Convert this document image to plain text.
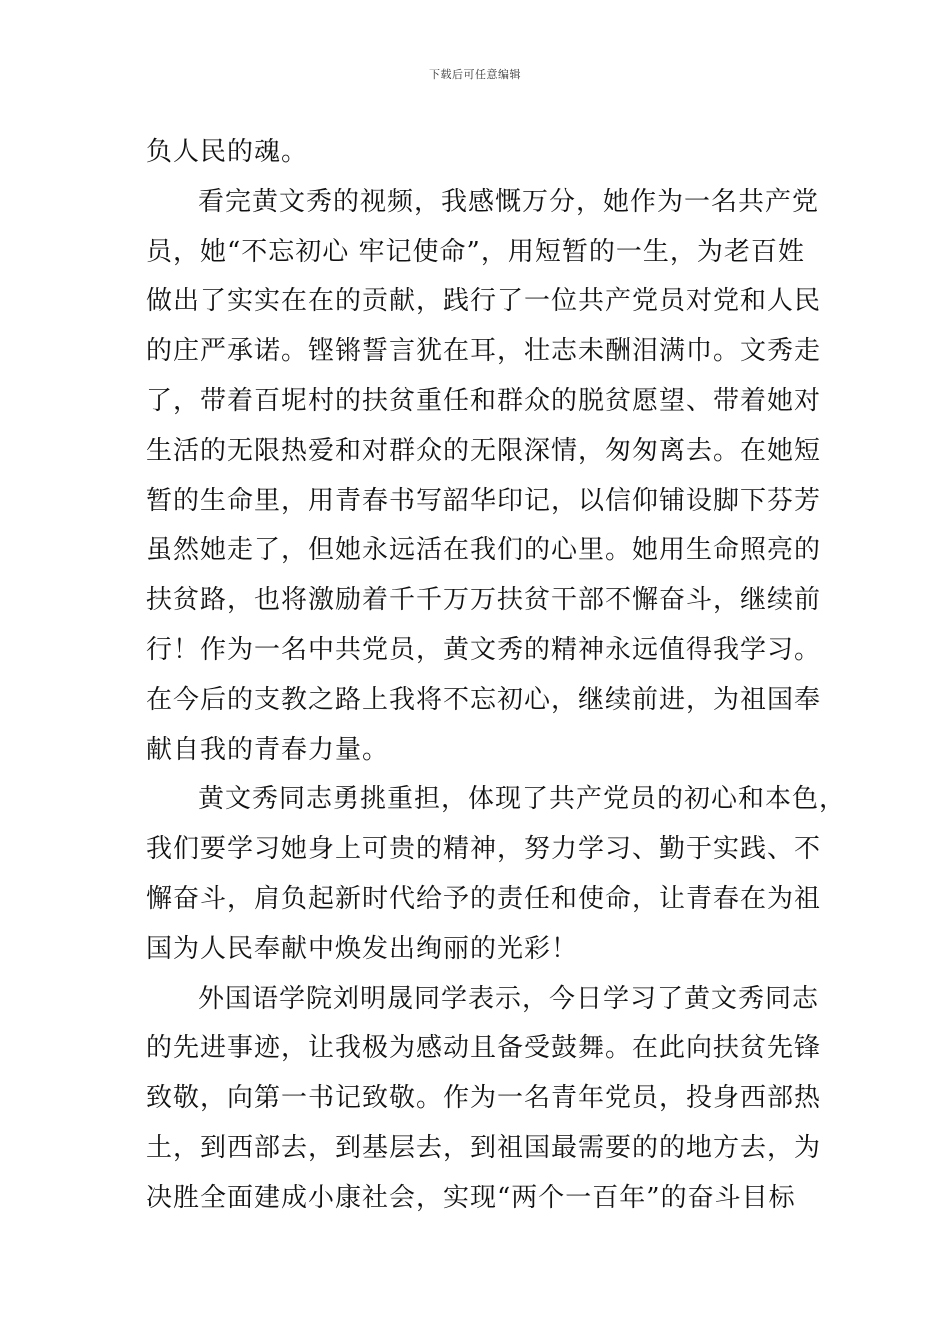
下载后可任意编辑
负人民的魂。
看完黄文秀的视频，我感慨万分，她作为一名共产党
员，她“不忘初心 牢记使命”，用短暂的一生，为老百姓
做出了实实在在的贡献，践行了一位共产党员对党和人民
的庄严承诺。铿锵誓言犹在耳，壮志未酬泪满巾。文秀走
了，带着百坭村的扶贫重任和群众的脱贫愿望、带着她对
生活的无限热爱和对群众的无限深情，匆匆离去。在她短
暂的生命里，用青春书写韶华印记，以信仰铺设脚下芬芳
虽然她走了，但她永远活在我们的心里。她用生命照亮的
扶贫路，也将激励着千千万万扶贫干部不懈奋斗，继续前
行！作为一名中共党员，黄文秀的精神永远值得我学习。
在今后的支教之路上我将不忘初心，继续前进，为祖国奉
献自我的青春力量。
黄文秀同志勇挑重担，体现了共产党员的初心和本色，
我们要学习她身上可贵的精神，努力学习、勤于实践、不
懈奋斗，肩负起新时代给予的责任和使命，让青春在为祖
国为人民奉献中焕发出绚丽的光彩！
外国语学院刘明晟同学表示，今日学习了黄文秀同志
的先进事迹，让我极为感动且备受鼓舞。在此向扶贫先锋
致敬，向第一书记致敬。作为一名青年党员，投身西部热
土，到西部去，到基层去，到祖国最需要的的地方去，为
决胜全面建成小康社会，实现“两个一百年”的奋斗目标
